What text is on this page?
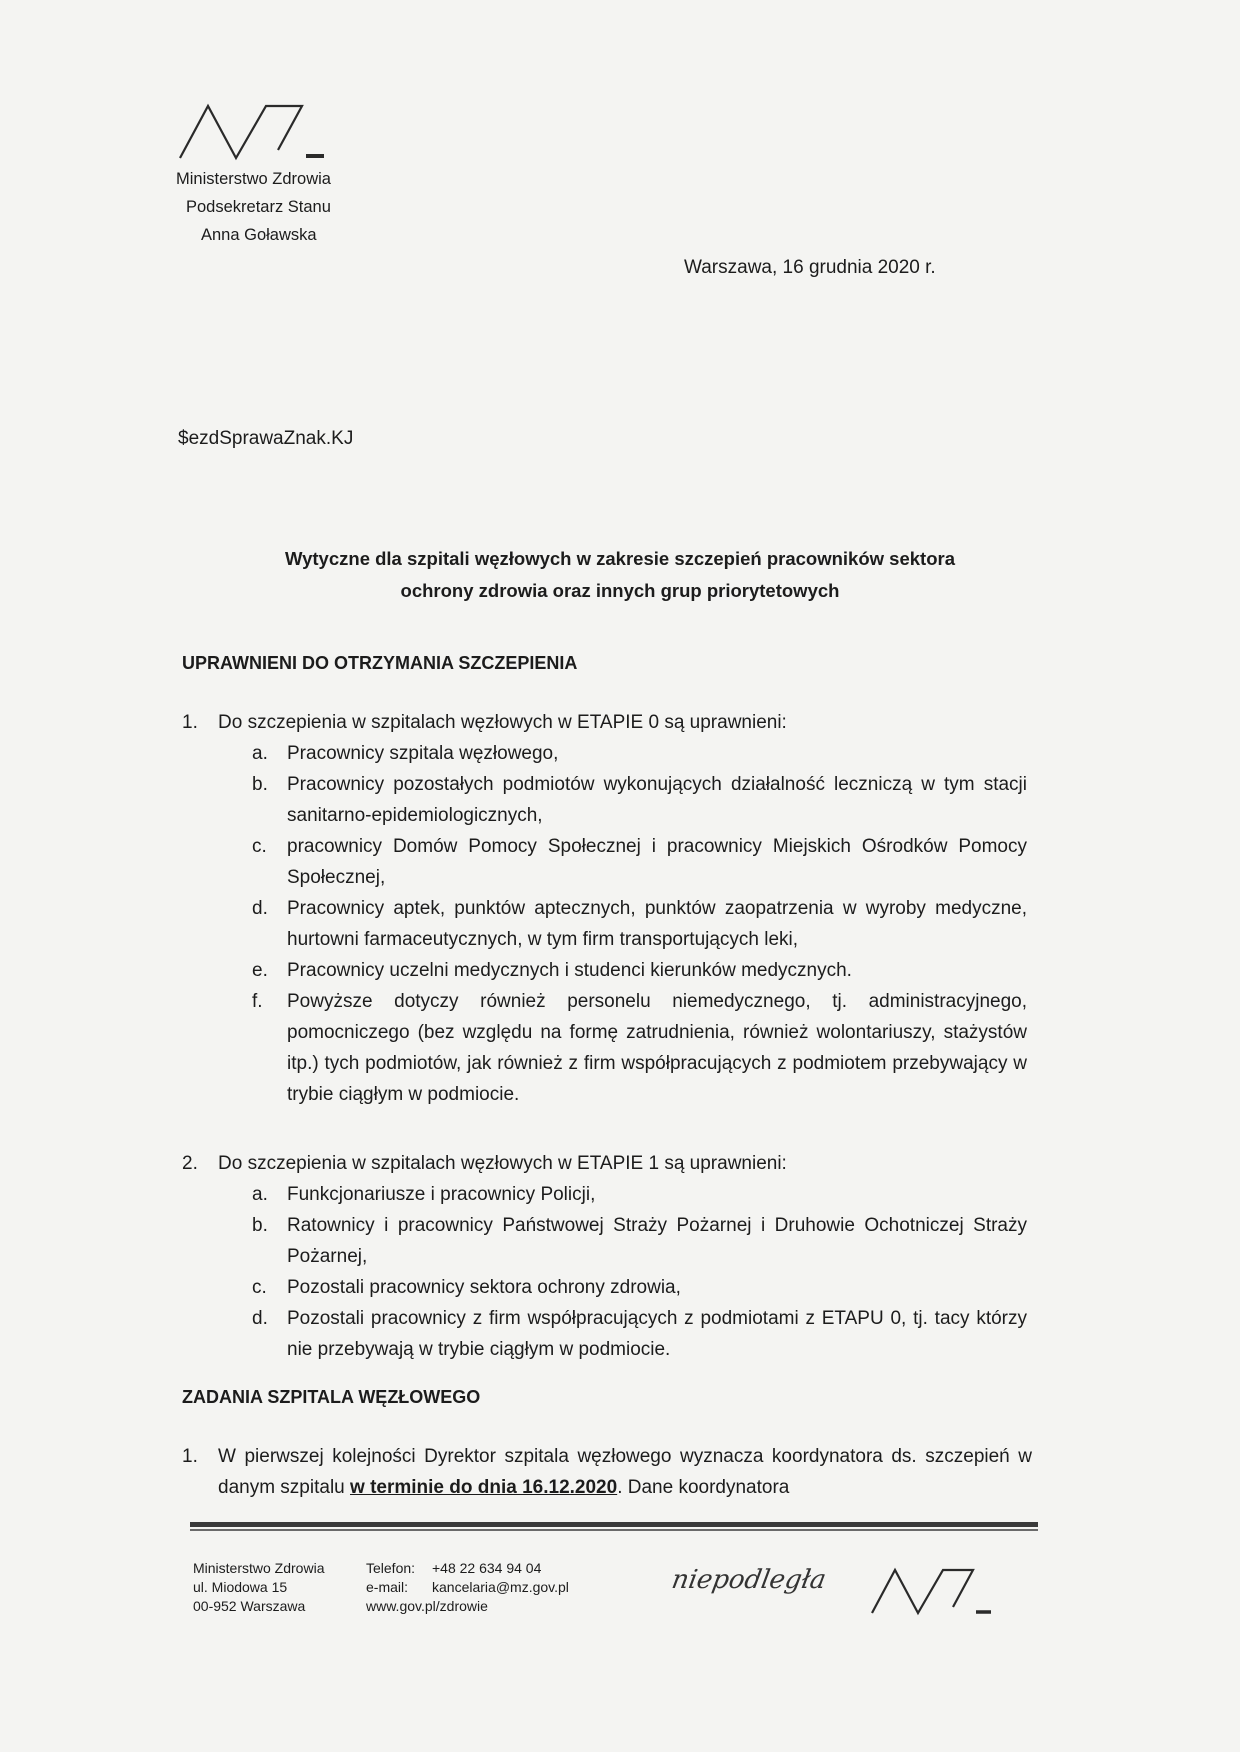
Ministerstwo Zdrowia
Podsekretarz Stanu
Anna Goławska
Warszawa, 16 grudnia 2020 r.
$ezdSprawaZnak.KJ
Wytyczne dla szpitali węzłowych w zakresie szczepień pracowników sektora
ochrony zdrowia oraz innych grup priorytetowych
UPRAWNIENI DO OTRZYMANIA SZCZEPIENIA
1. Do szczepienia w szpitalach węzłowych w ETAPIE 0 są uprawnieni:
a.	Pracownicy szpitala węzłowego,
b.	Pracownicy pozostałych podmiotów wykonujących działalność leczniczą w tym stacji sanitarno-epidemiologicznych,
c.	pracownicy Domów Pomocy Społecznej i pracownicy Miejskich Ośrodków Pomocy Społecznej,
d.	Pracownicy aptek, punktów aptecznych, punktów zaopatrzenia w wyroby medyczne, hurtowni farmaceutycznych, w tym firm transportujących leki,
e.	Pracownicy uczelni medycznych i studenci kierunków medycznych.
f.	Powyższe dotyczy również personelu niemedycznego, tj. administracyjnego, pomocniczego (bez względu na formę zatrudnienia, również wolontariuszy, stażystów itp.) tych podmiotów, jak również z firm współpracujących z podmiotem przebywający w trybie ciągłym w podmiocie.
2. Do szczepienia w szpitalach węzłowych w ETAPIE 1 są uprawnieni:
a.	Funkcjonariusze i pracownicy Policji,
b.	Ratownicy i pracownicy Państwowej Straży Pożarnej i Druhowie Ochotniczej Straży Pożarnej,
c.	Pozostali pracownicy sektora ochrony zdrowia,
d.	Pozostali pracownicy z firm współpracujących z podmiotami z ETAPU 0, tj. tacy którzy nie przebywają w trybie ciągłym w podmiocie.
ZADANIA SZPITALA WĘZŁOWEGO
1. W pierwszej kolejności Dyrektor szpitala węzłowego wyznacza koordynatora ds. szczepień w danym szpitalu w terminie do dnia 16.12.2020. Dane koordynatora
Ministerstwo Zdrowia
ul. Miodowa 15
00-952 Warszawa
Telefon: +48 22 634 94 04
e-mail: kancelaria@mz.gov.pl
www.gov.pl/zdrowie
niepodległa
